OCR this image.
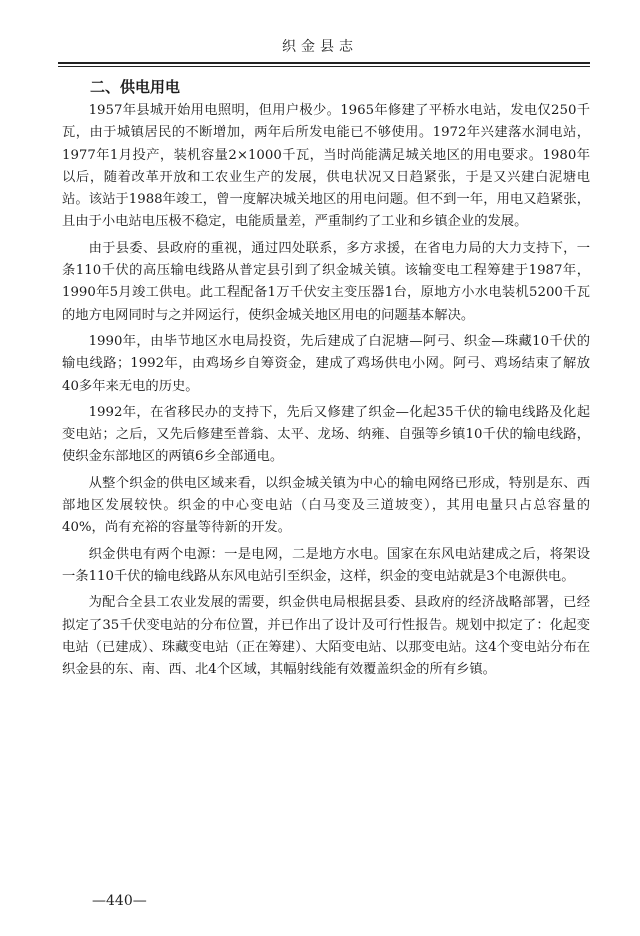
织金县志
二、供电用电

1957年县城开始用电照明，但用户极少。1965年修建了平桥水电站，发电仅250千瓦，由于城镇居民的不断增加，两年后所发电能已不够使用。1972年兴建落水洞电站，1977年1月投产，装机容量2×1000千瓦，当时尚能满足城关地区的用电要求。1980年以后，随着改革开放和工农业生产的发展，供电状况又日趋紧张，于是又兴建白泥塘电站。该站于1988年竣工，曾一度解决城关地区的用电问题。但不到一年，用电又趋紧张，且由于小电站电压极不稳定，电能质量差，严重制约了工业和乡镇企业的发展。

由于县委、县政府的重视，通过四处联系，多方求援，在省电力局的大力支持下，一条110千伏的高压输电线路从普定县引到了织金城关镇。该输变电工程筹建于1987年，1990年5月竣工供电。此工程配备1万千伏安主变压器1台，原地方小水电装机5200千瓦的地方电网同时与之并网运行，使织金城关地区用电的问题基本解决。

1990年，由毕节地区水电局投资，先后建成了白泥塘—阿弓、织金—珠藏10千伏的输电线路；1992年，由鸡场乡自筹资金，建成了鸡场供电小网。阿弓、鸡场结束了解放40多年来无电的历史。

1992年，在省移民办的支持下，先后又修建了织金—化起35千伏的输电线路及化起变电站；之后，又先后修建至普翁、太平、龙场、纳雍、自强等乡镇10千伏的输电线路，使织金东部地区的两镇6乡全部通电。

从整个织金的供电区域来看，以织金城关镇为中心的输电网络已形成，特别是东、西部地区发展较快。织金的中心变电站（白马变及三道坡变），其用电量只占总容量的40%，尚有充裕的容量等待新的开发。

织金供电有两个电源：一是电网，二是地方水电。国家在东风电站建成之后，将架设一条110千伏的输电线路从东风电站引至织金，这样，织金的变电站就是3个电源供电。

为配合全县工农业发展的需要，织金供电局根据县委、县政府的经济战略部署，已经拟定了35千伏变电站的分布位置，并已作出了设计及可行性报告。规划中拟定了：化起变电站（已建成）、珠藏变电站（正在筹建）、大陌变电站、以那变电站。这4个变电站分布在织金县的东、南、西、北4个区域，其幅射线能有效覆盖织金的所有乡镇。

—440—
